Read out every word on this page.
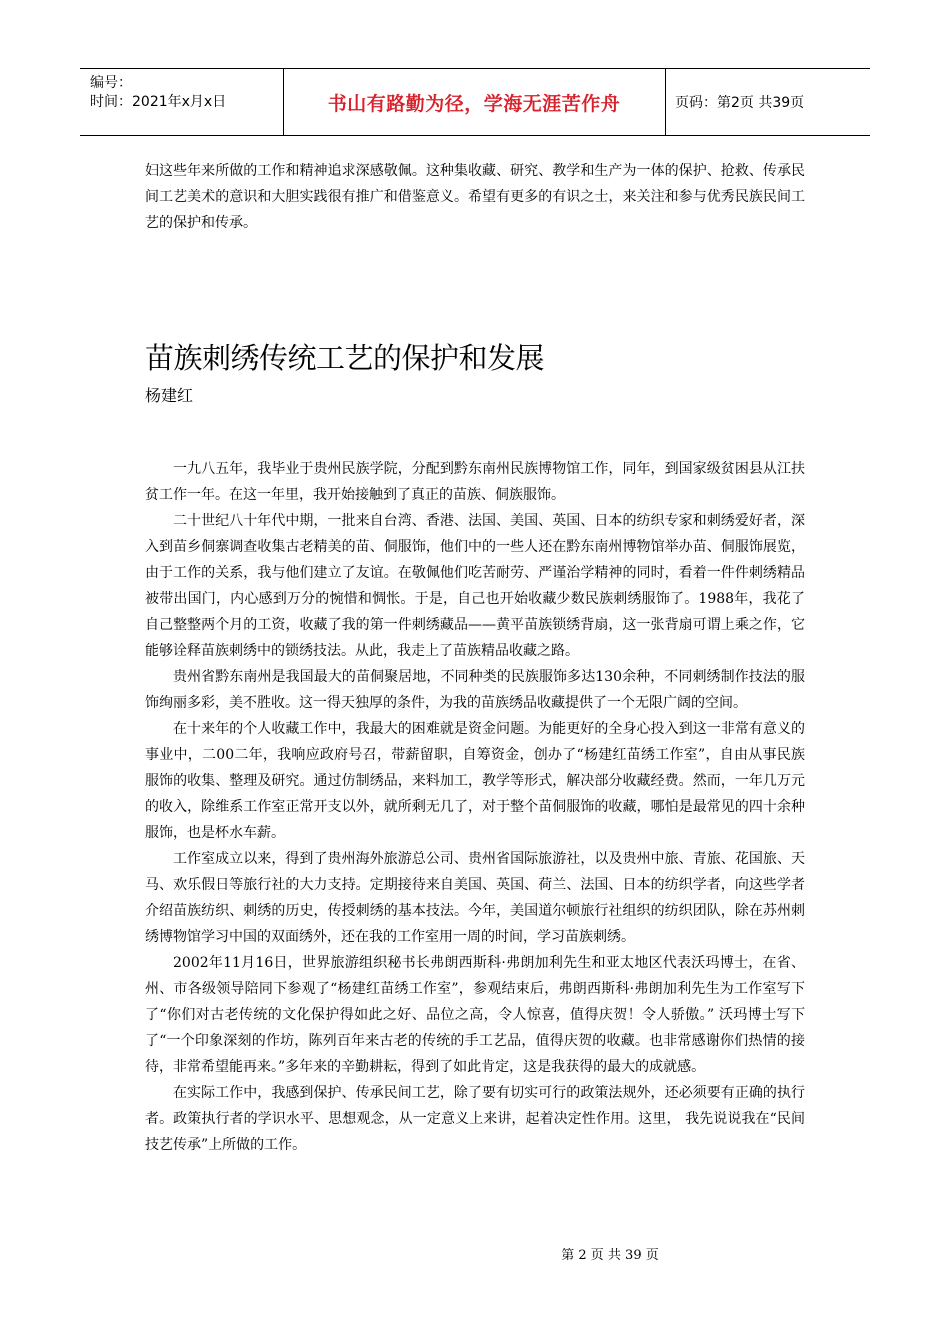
编号：
时间：2021年x月x日	书山有路勤为径，学海无涯苦作舟	页码：第2页 共39页

妇这些年来所做的工作和精神追求深感敬佩。这种集收藏、研究、教学和生产为一体的保护、抢救、传承民间工艺美术的意识和大胆实践很有推广和借鉴意义。希望有更多的有识之士，来关注和参与优秀民族民间工艺的保护和传承。

苗族刺绣传统工艺的保护和发展
杨建红

一九八五年，我毕业于贵州民族学院，分配到黔东南州民族博物馆工作，同年，到国家级贫困县从江扶贫工作一年。在这一年里，我开始接触到了真正的苗族、侗族服饰。

二十世纪八十年代中期，一批来自台湾、香港、法国、美国、英国、日本的纺织专家和刺绣爱好者，深入到苗乡侗寨调查收集古老精美的苗、侗服饰，他们中的一些人还在黔东南州博物馆举办苗、侗服饰展览，由于工作的关系，我与他们建立了友谊。在敬佩他们吃苦耐劳、严谨治学精神的同时，看着一件件刺绣精品被带出国门，内心感到万分的惋惜和惆怅。于是，自己也开始收藏少数民族刺绣服饰了。1988年，我花了自己整整两个月的工资，收藏了我的第一件刺绣藏品——黄平苗族锁绣背扇，这一张背扇可谓上乘之作，它能够诠释苗族刺绣中的锁绣技法。从此，我走上了苗族精品收藏之路。

贵州省黔东南州是我国最大的苗侗聚居地，不同种类的民族服饰多达130余种，不同刺绣制作技法的服饰绚丽多彩，美不胜收。这一得天独厚的条件，为我的苗族绣品收藏提供了一个无限广阔的空间。

在十来年的个人收藏工作中，我最大的困难就是资金问题。为能更好的全身心投入到这一非常有意义的事业中，二00二年，我响应政府号召，带薪留职，自筹资金，创办了“杨建红苗绣工作室”，自由从事民族服饰的收集、整理及研究。通过仿制绣品，来料加工，教学等形式，解决部分收藏经费。然而，一年几万元的收入，除维系工作室正常开支以外，就所剩无几了，对于整个苗侗服饰的收藏，哪怕是最常见的四十余种服饰，也是杯水车薪。

工作室成立以来，得到了贵州海外旅游总公司、贵州省国际旅游社，以及贵州中旅、青旅、花国旅、天马、欢乐假日等旅行社的大力支持。定期接待来自美国、英国、荷兰、法国、日本的纺织学者，向这些学者介绍苗族纺织、刺绣的历史，传授刺绣的基本技法。今年，美国道尔顿旅行社组织的纺织团队，除在苏州刺绣博物馆学习中国的双面绣外，还在我的工作室用一周的时间，学习苗族刺绣。

2002年11月16日，世界旅游组织秘书长弗朗西斯科·弗朗加利先生和亚太地区代表沃玛博士，在省、州、市各级领导陪同下参观了“杨建红苗绣工作室”，参观结束后，弗朗西斯科·弗朗加利先生为工作室写下了“你们对古老传统的文化保护得如此之好、品位之高，令人惊喜，值得庆贺！令人骄傲。” 沃玛博士写下了“一个印象深刻的作坊，陈列百年来古老的传统的手工艺品，值得庆贺的收藏。也非常感谢你们热情的接待，非常希望能再来。”多年来的辛勤耕耘，得到了如此肯定，这是我获得的最大的成就感。

在实际工作中，我感到保护、传承民间工艺，除了要有切实可行的政策法规外，还必须要有正确的执行者。政策执行者的学识水平、思想观念，从一定意义上来讲，起着决定性作用。这里， 我先说说我在“民间技艺传承”上所做的工作。

第 2 页 共 39 页
